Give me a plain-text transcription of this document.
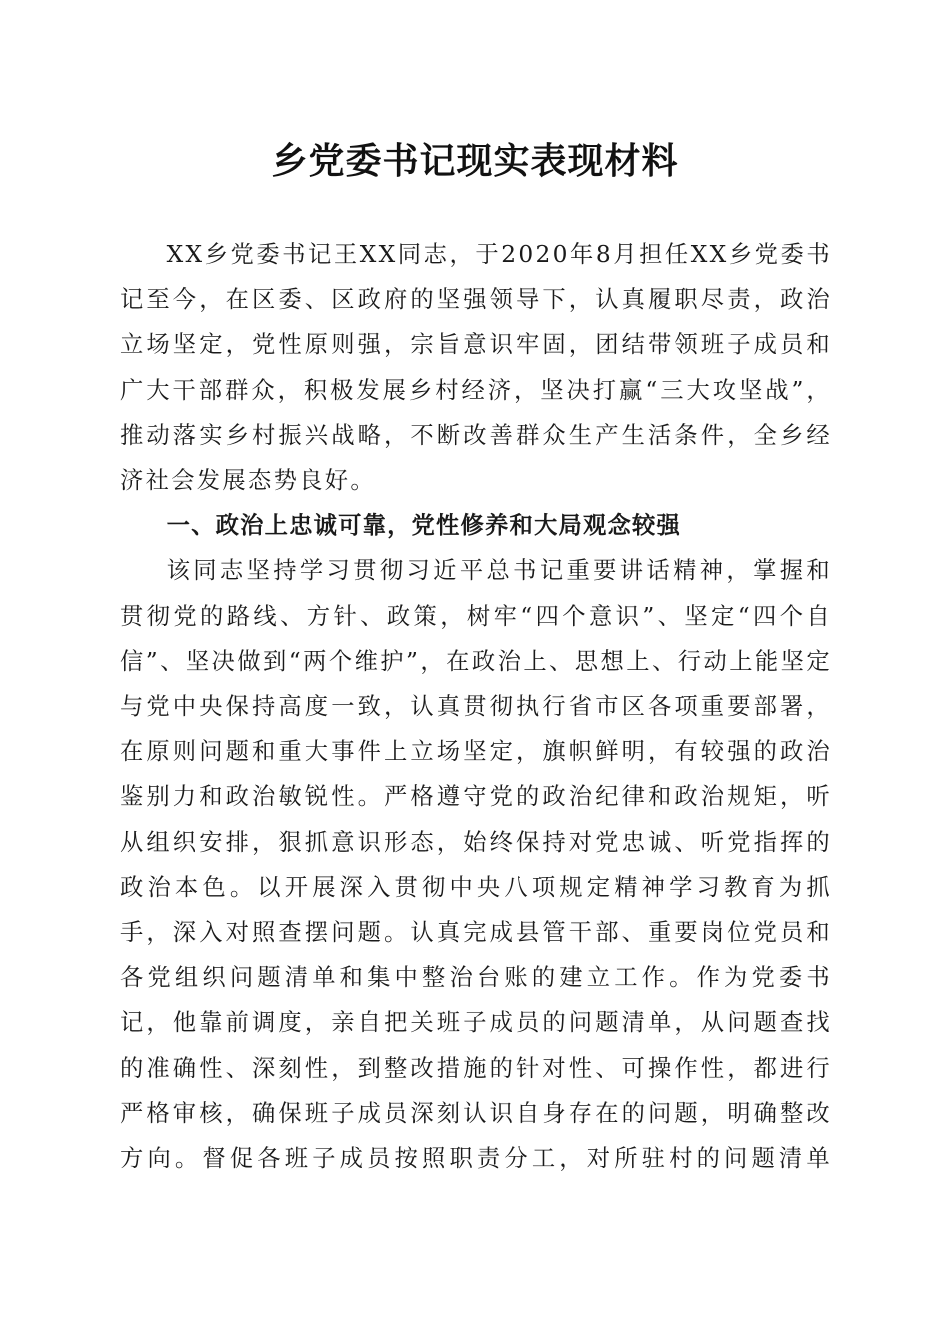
乡党委书记现实表现材料

XX乡党委书记王XX同志，于2020年8月担任XX乡党委书记至今，在区委、区政府的坚强领导下，认真履职尽责，政治立场坚定，党性原则强，宗旨意识牢固，团结带领班子成员和广大干部群众，积极发展乡村经济，坚决打赢“三大攻坚战”，推动落实乡村振兴战略，不断改善群众生产生活条件，全乡经济社会发展态势良好。

一、政治上忠诚可靠，党性修养和大局观念较强

该同志坚持学习贯彻习近平总书记重要讲话精神，掌握和贯彻党的路线、方针、政策，树牢“四个意识”、坚定“四个自信”、坚决做到“两个维护”，在政治上、思想上、行动上能坚定与党中央保持高度一致，认真贯彻执行省市区各项重要部署，在原则问题和重大事件上立场坚定，旗帜鲜明，有较强的政治鉴别力和政治敏锐性。严格遵守党的政治纪律和政治规矩，听从组织安排，狠抓意识形态，始终保持对党忠诚、听党指挥的政治本色。以开展深入贯彻中央八项规定精神学习教育为抓手，深入对照查摆问题。认真完成县管干部、重要岗位党员和各党组织问题清单和集中整治台账的建立工作。作为党委书记，他靠前调度，亲自把关班子成员的问题清单，从问题查找的准确性、深刻性，到整改措施的针对性、可操作性，都进行严格审核，确保班子成员深刻认识自身存在的问题，明确整改方向。督促各班子成员按照职责分工，对所驻村的问题清单
